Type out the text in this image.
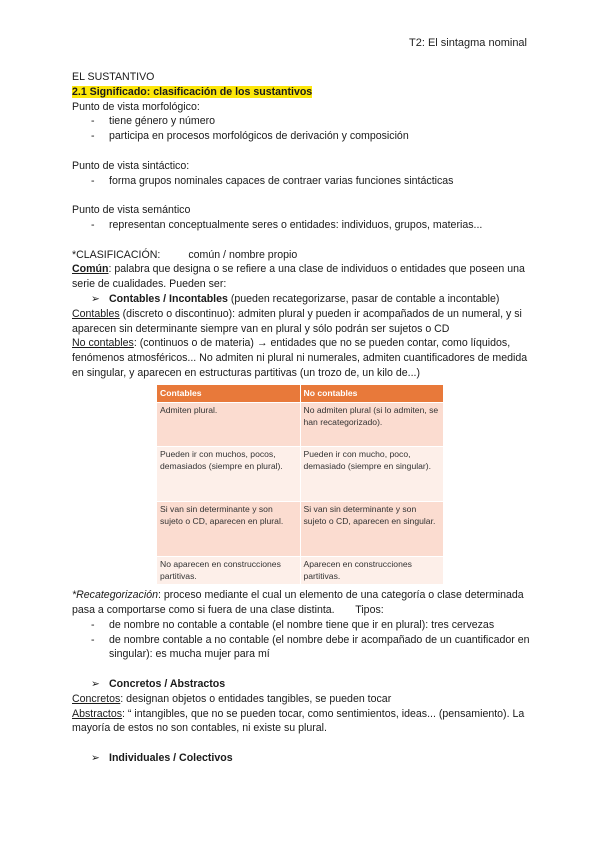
T2: El sintagma nominal

EL SUSTANTIVO

2.1 Significado: clasificación de los sustantivos

Punto de vista morfológico:

- tiene género y número
- participa en procesos morfológicos de derivación y composición

Punto de vista sintáctico:

- forma grupos nominales capaces de contraer varias funciones sintácticas

Punto de vista semántico

- representan conceptualmente seres o entidades: individuos, grupos, materias...

*CLASIFICACIÓN:	común / nombre propio

Común: palabra que designa o se refiere a una clase de individuos o entidades que poseen una serie de cualidades. Pueden ser:

➢ Contables / Incontables (pueden recategorizarse, pasar de contable a incontable)

Contables (discreto o discontinuo): admiten plural y pueden ir acompañados de un numeral, y si aparecen sin determinante siempre van en plural y sólo podrán ser sujetos o CD

No contables: (continuos o de materia) → entidades que no se pueden contar, como líquidos, fenómenos atmosféricos... No admiten ni plural ni numerales, admiten cuantificadores de medida en singular, y aparecen en estructuras partitivas (un trozo de, un kilo de...)

Contables	No contables
Admiten plural.	No admiten plural (si lo admiten, se han recategorizado).
Pueden ir con muchos, pocos, demasiados (siempre en plural).	Pueden ir con mucho, poco, demasiado (siempre en singular).
Si van sin determinante y son sujeto o CD, aparecen en plural.	Si van sin determinante y son sujeto o CD, aparecen en singular.
No aparecen en construcciones partitivas.	Aparecen en construcciones partitivas.

*Recategorización: proceso mediante el cual un elemento de una categoría o clase determinada pasa a comportarse como si fuera de una clase distinta. Tipos:

- de nombre no contable a contable (el nombre tiene que ir en plural): tres cervezas
- de nombre contable a no contable (el nombre debe ir acompañado de un cuantificador en singular): es mucha mujer para mí
➢ Concretos / Abstractos

Concretos: designan objetos o entidades tangibles, se pueden tocar

Abstractos: “ intangibles, que no se pueden tocar, como sentimientos, ideas... (pensamiento). La mayoría de estos no son contables, ni existe su plural.

➢ Individuales / Colectivos
